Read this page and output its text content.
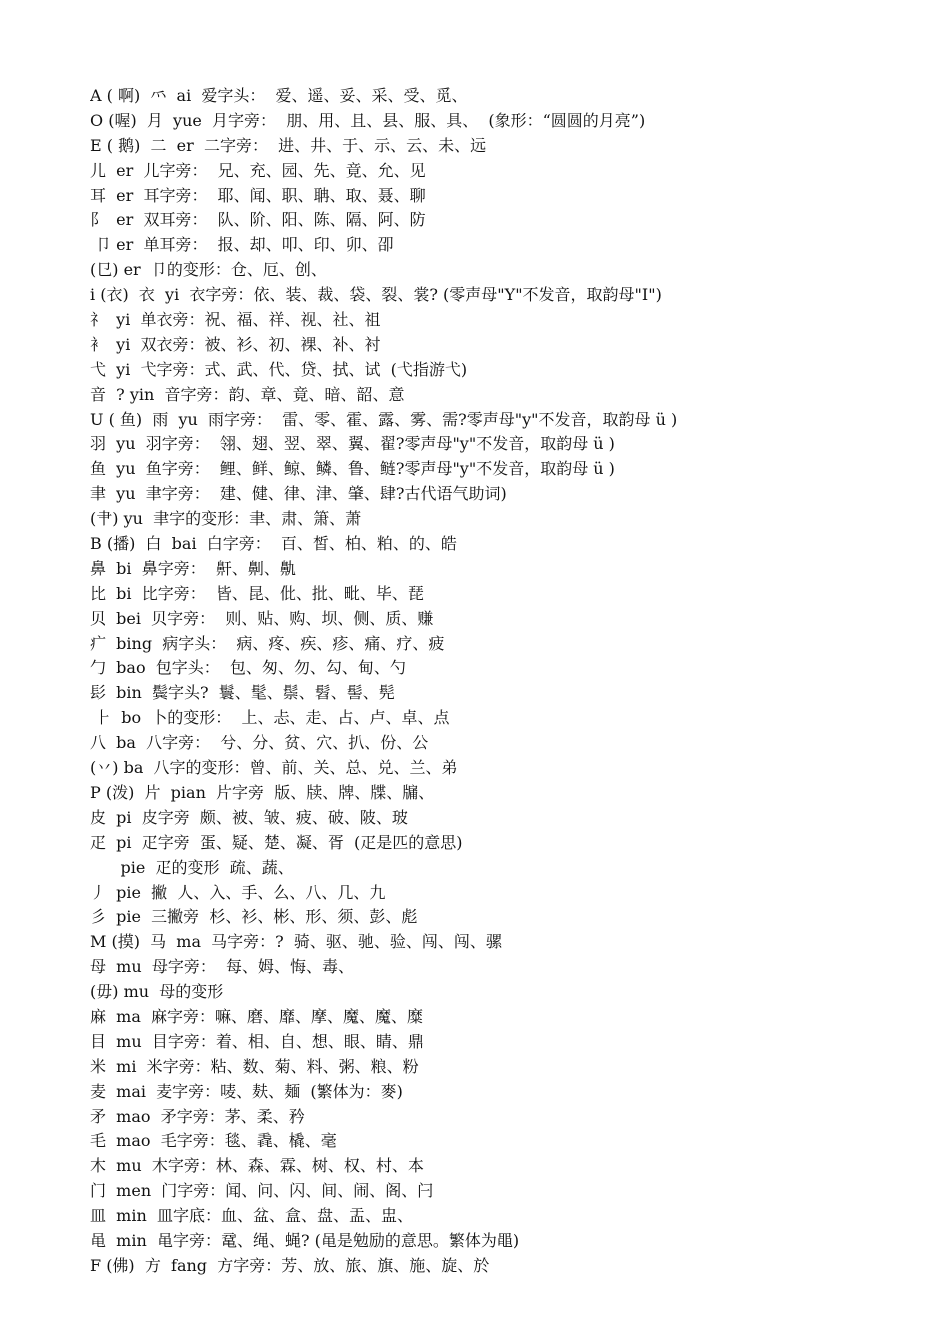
A ( 啊)  ⺤  ai  爱字头：  爱、遥、妥、采、受、觅、
O (喔)  月  yue  月字旁：  朋、用、且、县、服、具、  (象形：“圆圆的月亮”)
E ( 鹅)  二  er  二字旁：  进、井、于、示、云、未、远
儿  er  儿字旁：  兄、充、园、先、竟、允、见
耳  er  耳字旁：  耶、闻、职、聃、取、聂、聊
阝  er  双耳旁：  队、阶、阳、陈、隔、阿、防
卩 er  单耳旁：  报、却、叩、印、卯、卲
(㔾) er  卩的变形：仓、厄、创、
i (衣)  衣  yi  衣字旁：依、装、裁、袋、裂、裳? (零声母"Y"不发音，取韵母"I")
礻  yi  单衣旁：祝、福、祥、视、社、祖
衤  yi  双衣旁：被、衫、初、裸、补、衬
弋  yi  弋字旁：式、武、代、贷、拭、试  (弋指游弋)
音  ? yin  音字旁：韵、章、竟、暗、韶、意
U ( 鱼)  雨  yu  雨字旁：  雷、零、霍、露、雾、需?零声母"y"不发音，取韵母 ü )
羽  yu  羽字旁：  翎、翅、翌、翠、翼、翟?零声母"y"不发音，取韵母 ü )
鱼  yu  鱼字旁：  鲤、鲜、鲸、鳞、鲁、鲢?零声母"y"不发音，取韵母 ü )
聿  yu  聿字旁：  建、健、律、津、肇、肆?古代语气助词)
(肀) yu  聿字的变形：聿、肃、箫、萧
B (播)  白  bai  白字旁：  百、皙、柏、粕、的、皓
鼻  bi  鼻字旁：  鼾、劓、鼽
比  bi  比字旁：  皆、昆、仳、批、毗、毕、琵
贝  bei  贝字旁：  则、贴、购、坝、侧、质、赚
疒  bing  病字头：  病、疼、疾、疹、痛、疗、疲
勹  bao  包字头：  包、匆、勿、勾、甸、勺
髟  bin  鬓字头?  鬟、髦、鬃、髫、髻、髡
⺊  bo  卜的变形：  上、忐、走、占、卢、卓、点
八  ba  八字旁：  兮、分、贫、穴、扒、份、公
(丷) ba  八字的变形：曾、前、关、总、兑、兰、弟
P (泼)  片  pian  片字旁  版、牍、牌、牒、牖、
皮  pi  皮字旁  颇、被、皱、疲、破、陂、玻
疋  pi  疋字旁  蛋、疑、楚、凝、胥  (疋是匹的意思)
pie  疋的变形  疏、蔬、
丿  pie  撇  人、入、手、么、八、几、九
彡  pie  三撇旁  杉、衫、彬、形、须、彭、彪
M (摸)  马  ma  马字旁：?  骑、驱、驰、验、闯、闯、骡
母  mu  母字旁：  每、姆、悔、毒、
(毋) mu  母的变形
麻  ma  麻字旁：嘛、磨、靡、摩、魔、魔、糜
目  mu  目字旁：着、相、自、想、眼、睛、鼎
米  mi  米字旁：粘、数、菊、料、粥、粮、粉
麦  mai  麦字旁：唛、麸、麺  (繁体为：麥)
矛  mao  矛字旁：茅、柔、矜
毛  mao  毛字旁：毯、毳、橇、毫
木  mu  木字旁：林、森、霖、树、权、村、本
门  men  门字旁：闻、问、闪、间、闹、阁、闩
皿  min  皿字底：血、盆、盒、盘、盂、盅、
黾  min  黾字旁：鼋、绳、蝇? (黾是勉励的意思。繁体为黽)
F (佛)  方  fang  方字旁：芳、放、旅、旗、施、旋、於
